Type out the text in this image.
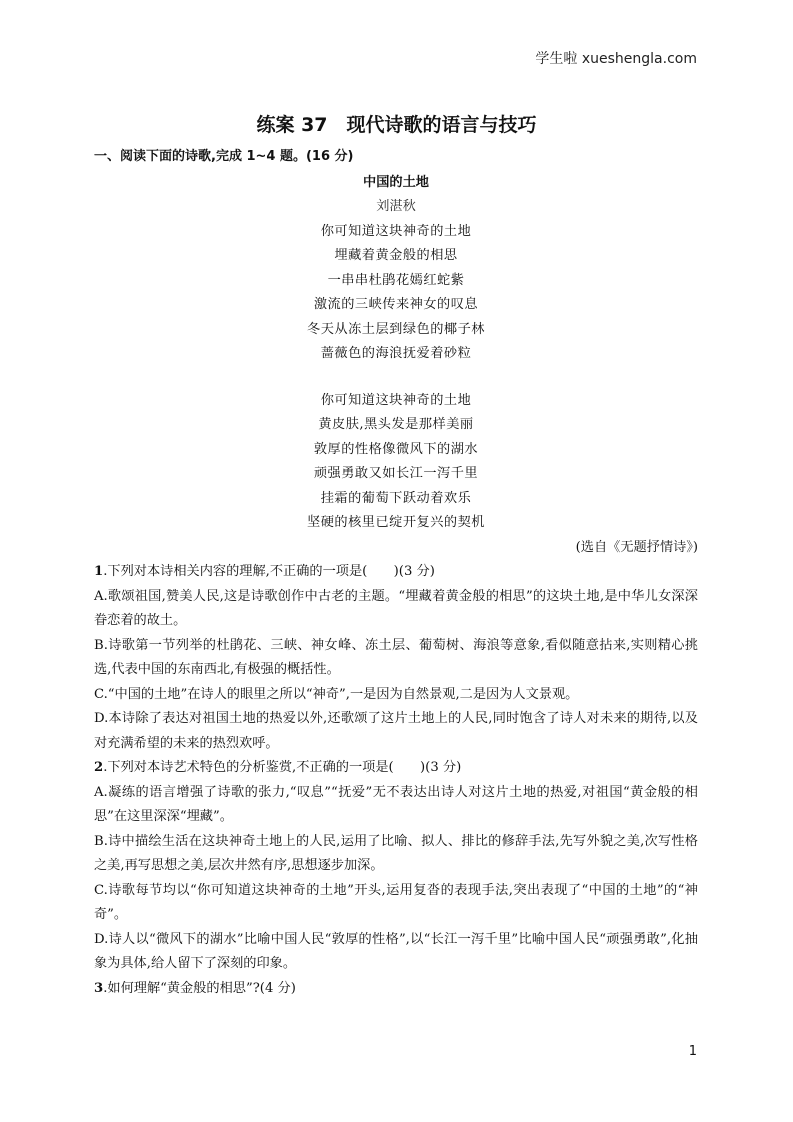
学生啦 xueshengla.com
练案 37　现代诗歌的语言与技巧
一、阅读下面的诗歌,完成 1~4 题。(16 分)
中国的土地
刘湛秋
你可知道这块神奇的土地
埋藏着黄金般的相思
一串串杜鹃花嫣红蛇紫
激流的三峡传来神女的叹息
冬天从冻土层到绿色的椰子林
蔷薇色的海浪抚爱着砂粒
你可知道这块神奇的土地
黄皮肤,黑头发是那样美丽
敦厚的性格像微风下的湖水
顽强勇敢又如长江一泻千里
挂霜的葡萄下跃动着欢乐
坚硬的核里已绽开复兴的契机
(选自《无题抒情诗》)
1.下列对本诗相关内容的理解,不正确的一项是(　　)(3 分)
A.歌颂祖国,赞美人民,这是诗歌创作中古老的主题。“埋藏着黄金般的相思”的这块土地,是中华儿女深深眷恋着的故土。
B.诗歌第一节列举的杜鹃花、三峡、神女峰、冻土层、葡萄树、海浪等意象,看似随意拈来,实则精心挑选,代表中国的东南西北,有极强的概括性。
C.“中国的土地”在诗人的眼里之所以“神奇”,一是因为自然景观,二是因为人文景观。
D.本诗除了表达对祖国土地的热爱以外,还歌颂了这片土地上的人民,同时饱含了诗人对未来的期待,以及对充满希望的未来的热烈欢呼。
2.下列对本诗艺术特色的分析鉴赏,不正确的一项是(　　)(3 分)
A.凝练的语言增强了诗歌的张力,“叹息”“抚爱”无不表达出诗人对这片土地的热爱,对祖国“黄金般的相思”在这里深深“埋藏”。
B.诗中描绘生活在这块神奇土地上的人民,运用了比喻、拟人、排比的修辞手法,先写外貌之美,次写性格之美,再写思想之美,层次井然有序,思想逐步加深。
C.诗歌每节均以“你可知道这块神奇的土地”开头,运用复沓的表现手法,突出表现了“中国的土地”的“神奇”。
D.诗人以“微风下的湖水”比喻中国人民“敦厚的性格”,以“长江一泻千里”比喻中国人民“顽强勇敢”,化抽象为具体,给人留下了深刻的印象。
3.如何理解“黄金般的相思”?(4 分)
1
